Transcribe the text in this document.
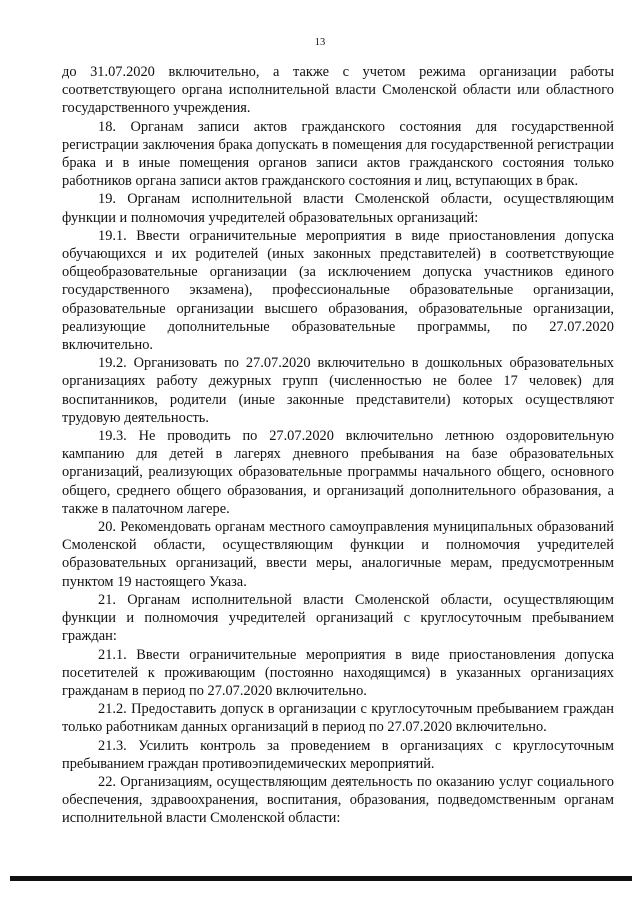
13

до 31.07.2020 включительно, а также с учетом режима организации работы соответствующего органа исполнительной власти Смоленской области или областного государственного учреждения.

18. Органам записи актов гражданского состояния для государственной регистрации заключения брака допускать в помещения для государственной регистрации брака и в иные помещения органов записи актов гражданского состояния только работников органа записи актов гражданского состояния и лиц, вступающих в брак.

19. Органам исполнительной власти Смоленской области, осуществляющим функции и полномочия учредителей образовательных организаций:

19.1. Ввести ограничительные мероприятия в виде приостановления допуска обучающихся и их родителей (иных законных представителей) в соответствующие общеобразовательные организации (за исключением допуска участников единого государственного экзамена), профессиональные образовательные организации, образовательные организации высшего образования, образовательные организации, реализующие дополнительные образовательные программы, по 27.07.2020 включительно.

19.2. Организовать по 27.07.2020 включительно в дошкольных образовательных организациях работу дежурных групп (численностью не более 17 человек) для воспитанников, родители (иные законные представители) которых осуществляют трудовую деятельность.

19.3. Не проводить по 27.07.2020 включительно летнюю оздоровительную кампанию для детей в лагерях дневного пребывания на базе образовательных организаций, реализующих образовательные программы начального общего, основного общего, среднего общего образования, и организаций дополнительного образования, а также в палаточном лагере.

20. Рекомендовать органам местного самоуправления муниципальных образований Смоленской области, осуществляющим функции и полномочия учредителей образовательных организаций, ввести меры, аналогичные мерам, предусмотренным пунктом 19 настоящего Указа.

21. Органам исполнительной власти Смоленской области, осуществляющим функции и полномочия учредителей организаций с круглосуточным пребыванием граждан:

21.1. Ввести ограничительные мероприятия в виде приостановления допуска посетителей к проживающим (постоянно находящимся) в указанных организациях гражданам в период по 27.07.2020 включительно.

21.2. Предоставить допуск в организации с круглосуточным пребыванием граждан только работникам данных организаций в период по 27.07.2020 включительно.

21.3. Усилить контроль за проведением в организациях с круглосуточным пребыванием граждан противоэпидемических мероприятий.

22. Организациям, осуществляющим деятельность по оказанию услуг социального обеспечения, здравоохранения, воспитания, образования, подведомственным органам исполнительной власти Смоленской области:
